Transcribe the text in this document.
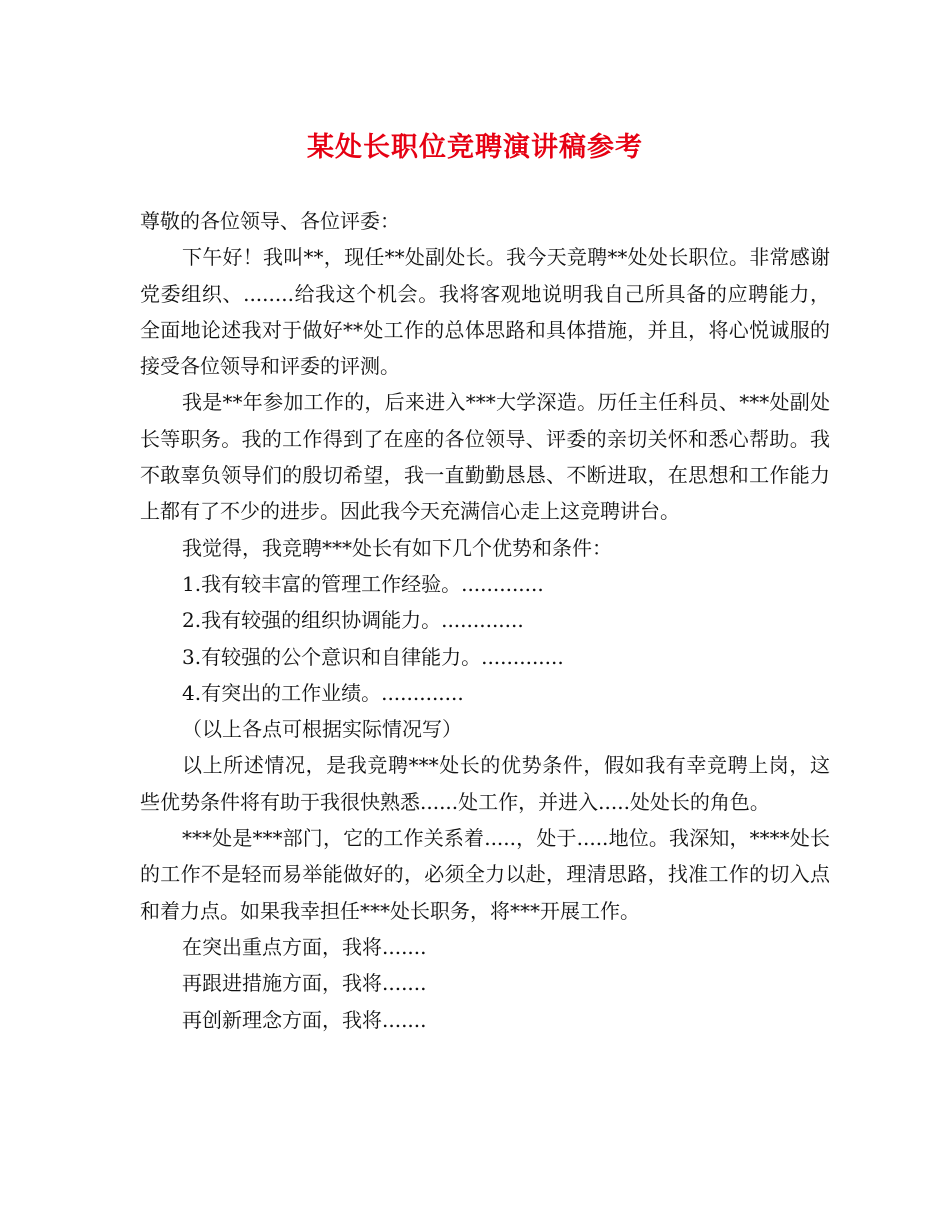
某处长职位竞聘演讲稿参考

尊敬的各位领导、各位评委：

下午好！我叫**，现任**处副处长。我今天竞聘**处处长职位。非常感谢党委组织、........给我这个机会。我将客观地说明我自己所具备的应聘能力，全面地论述我对于做好**处工作的总体思路和具体措施，并且，将心悦诚服的接受各位领导和评委的评测。

我是**年参加工作的，后来进入***大学深造。历任主任科员、***处副处长等职务。我的工作得到了在座的各位领导、评委的亲切关怀和悉心帮助。我不敢辜负领导们的殷切希望，我一直勤勤恳恳、不断进取，在思想和工作能力上都有了不少的进步。因此我今天充满信心走上这竞聘讲台。

我觉得，我竞聘***处长有如下几个优势和条件：

1.我有较丰富的管理工作经验。.............

2.我有较强的组织协调能力。.............

3.有较强的公个意识和自律能力。.............

4.有突出的工作业绩。.............

（以上各点可根据实际情况写）

以上所述情况，是我竞聘***处长的优势条件，假如我有幸竞聘上岗，这些优势条件将有助于我很快熟悉......处工作，并进入.....处处长的角色。

***处是***部门，它的工作关系着.....，处于.....地位。我深知，****处长的工作不是轻而易举能做好的，必须全力以赴，理清思路，找准工作的切入点和着力点。如果我幸担任***处长职务，将***开展工作。

在突出重点方面，我将.......

再跟进措施方面，我将.......

再创新理念方面，我将.......
